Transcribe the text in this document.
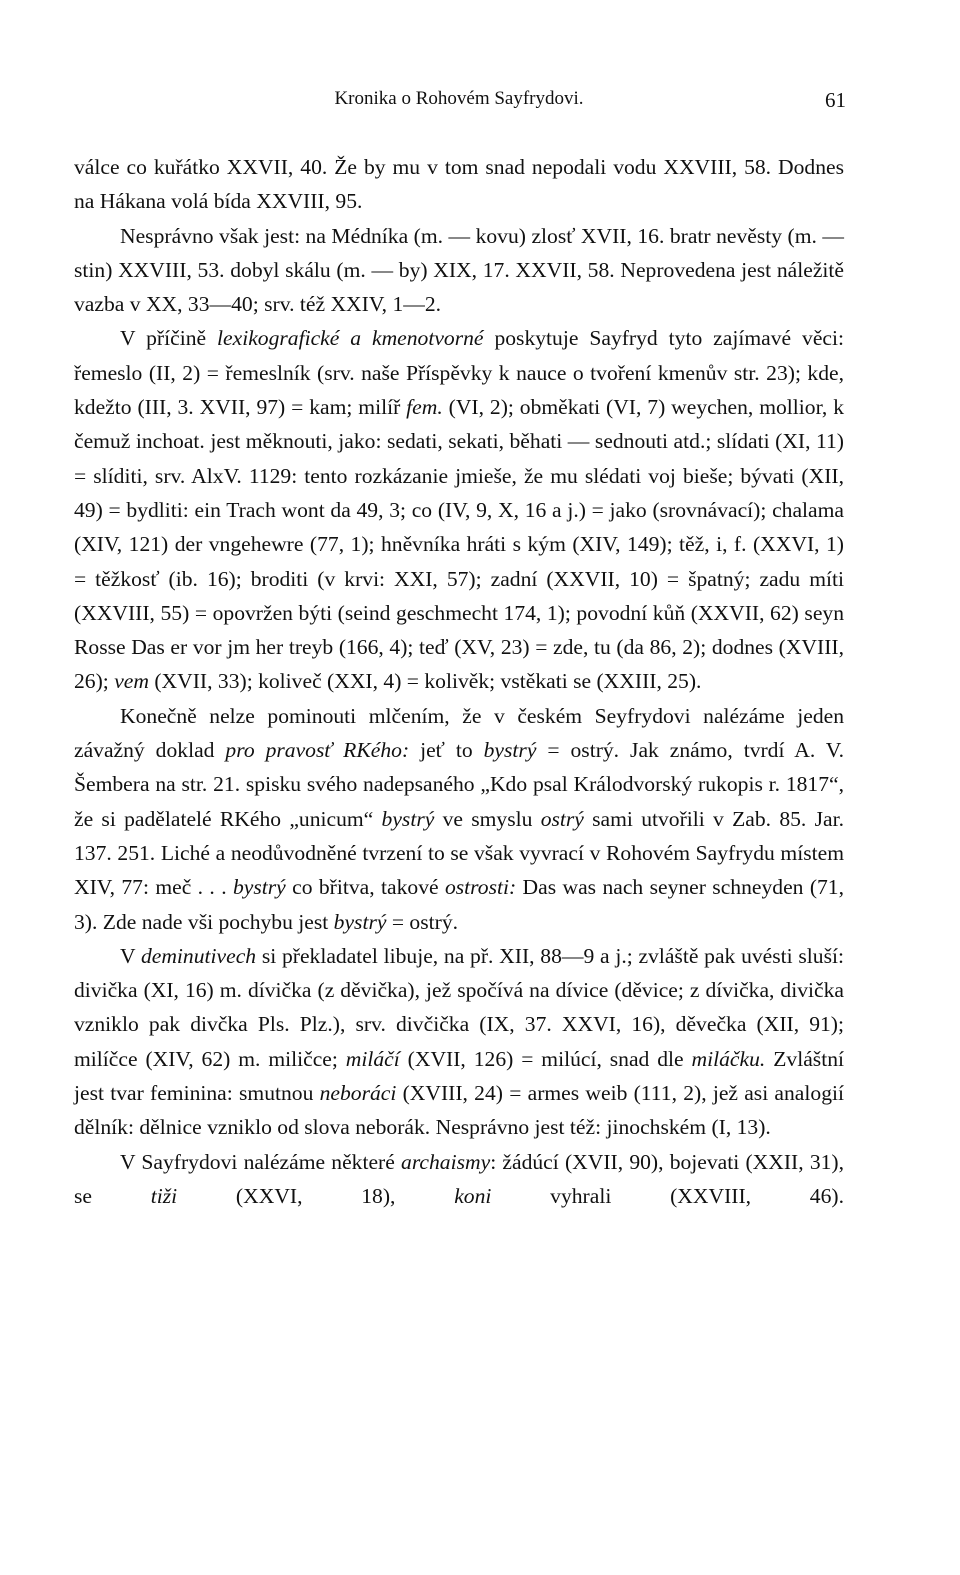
Kronika o Rohovém Sayfrydovi.	61

válce co kuřátko XXVII, 40. Že by mu v tom snad nepodali vodu XXVIII, 58. Dodnes na Hákana volá bída XXVIII, 95.

Nesprávno však jest: na Médníka (m. — kovu) zlosť XVII, 16. bratr nevěsty (m. — stin) XXVIII, 53. dobyl skálu (m. — by) XIX, 17. XXVII, 58. Neprovedena jest náležitě vazba v XX, 33—40; srv. též XXIV, 1—2.

V příčině lexikografické a kmenotvorné poskytuje Sayfryd tyto zajímavé věci: řemeslo (II, 2) = řemeslník (srv. naše Příspěvky k nauce o tvoření kmenův str. 23); kde, kdežto (III, 3. XVII, 97) = kam; milíř fem. (VI, 2); obměkati (VI, 7) weychen, mollior, k čemuž inchoat. jest měknouti, jako: sedati, sekati, běhati — sednouti atd.; slídati (XI, 11) = slíditi, srv. AlxV. 1129: tento rozkázanie jmieše, že mu slédati voj bieše; bývati (XII, 49) = bydliti: ein Trach wont da 49, 3; co (IV, 9, X, 16 a j.) = jako (srovnávací); chalama (XIV, 121) der vngehewre (77, 1); hněvníka hráti s kým (XIV, 149); těž, i, f. (XXVI, 1) = těžkosť (ib. 16); broditi (v krvi: XXI, 57); zadní (XXVII, 10) = špatný; zadu míti (XXVIII, 55) = opovržen býti (seind geschmecht 174, 1); povodní kůň (XXVII, 62) seyn Rosse Das er vor jm her treyb (166, 4); teď (XV, 23) = zde, tu (da 86, 2); dodnes (XVIII, 26); vem (XVII, 33); koliveč (XXI, 4) = kolivěk; vstěkati se (XXIII, 25).

Konečně nelze pominouti mlčením, že v českém Seyfrydovi nalézáme jeden závažný doklad pro pravosť RKého: jeť to bystrý = ostrý. Jak známo, tvrdí A. V. Šembera na str. 21. spisku svého nadepsaného „Kdo psal Králodvorský rukopis r. 1817“, že si padělatelé RKého „unicum“ bystrý ve smyslu ostrý sami utvořili v Zab. 85. Jar. 137. 251. Liché a neodůvodněné tvrzení to se však vyvrací v Rohovém Sayfrydu místem XIV, 77: meč . . . bystrý co břitva, takové ostrosti: Das was nach seyner schneyden (71, 3). Zde nade vši pochybu jest bystrý = ostrý.

V deminutivech si překladatel libuje, na př. XII, 88—9 a j.; zvláště pak uvésti sluší: divička (XI, 16) m. dívička (z děvička), jež spočívá na dívice (děvice; z dívička, divička vzniklo pak divčka Pls. Plz.), srv. divčička (IX, 37. XXVI, 16), děvečka (XII, 91); milíčce (XIV, 62) m. miličce; miláčí (XVII, 126) = milúcí, snad dle miláčku. Zvláštní jest tvar feminina: smutnou neboráci (XVIII, 24) = armes weib (111, 2), jež asi analogií dělník: dělnice vzniklo od slova neborák. Nesprávno jest též: jinochském (I, 13).

V Sayfrydovi nalézáme některé archaismy: žádúcí (XVII, 90), bojevati (XXII, 31), se tiži (XXVI, 18), koni vyhrali (XXVIII, 46).
